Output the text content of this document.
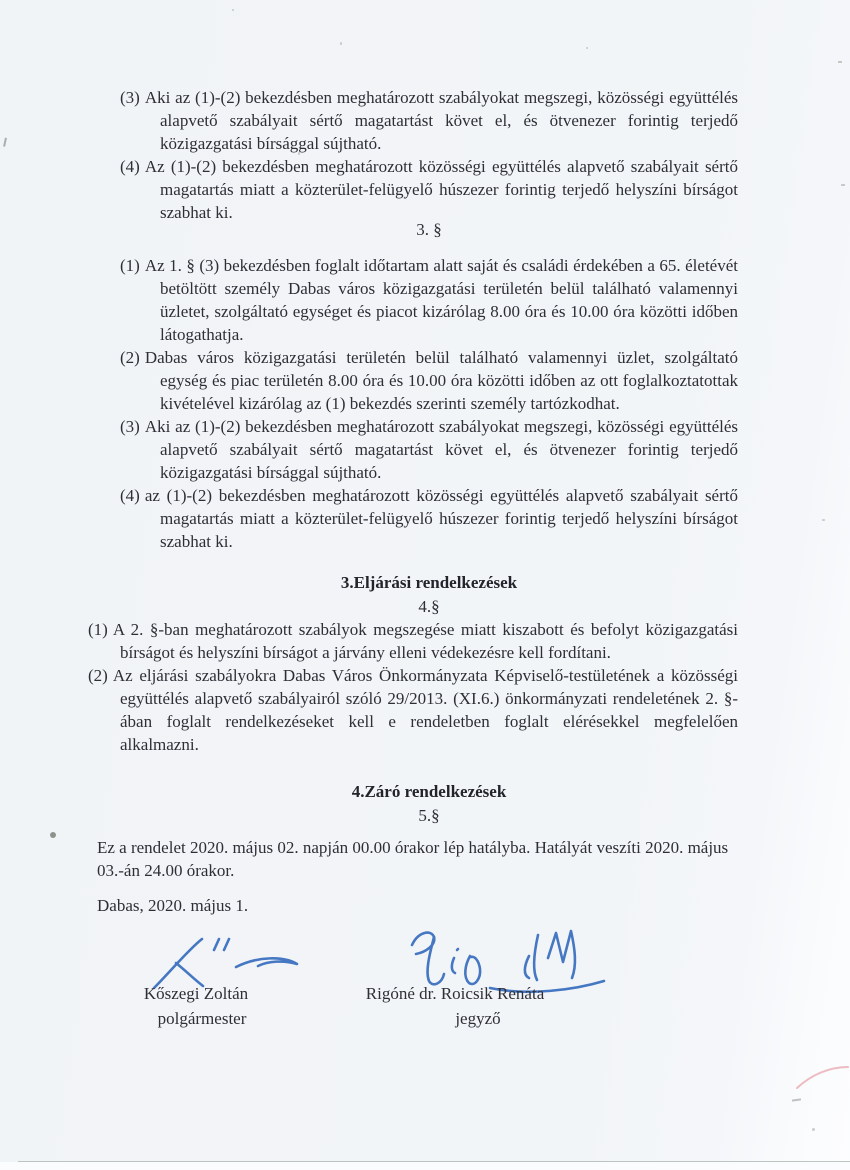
(3) Aki az (1)-(2) bekezdésben meghatározott szabályokat megszegi, közösségi együttélés alapvető szabályait sértő magatartást követ el, és ötvenezer forintig terjedő közigazgatási bírsággal sújtható.

(4) Az (1)-(2) bekezdésben meghatározott közösségi együttélés alapvető szabályait sértő magatartás miatt a közterület-felügyelő húszezer forintig terjedő helyszíni bírságot szabhat ki.

3. §

(1) Az 1. § (3) bekezdésben foglalt időtartam alatt saját és családi érdekében a 65. életévét betöltött személy Dabas város közigazgatási területén belül található valamennyi üzletet, szolgáltató egységet és piacot kizárólag 8.00 óra és 10.00 óra közötti időben látogathatja.

(2) Dabas város közigazgatási területén belül található valamennyi üzlet, szolgáltató egység és piac területén 8.00 óra és 10.00 óra közötti időben az ott foglalkoztatottak kivételével kizárólag az (1) bekezdés szerinti személy tartózkodhat.

(3) Aki az (1)-(2) bekezdésben meghatározott szabályokat megszegi, közösségi együttélés alapvető szabályait sértő magatartást követ el, és ötvenezer forintig terjedő közigazgatási bírsággal sújtható.

(4) az (1)-(2) bekezdésben meghatározott közösségi együttélés alapvető szabályait sértő magatartás miatt a közterület-felügyelő húszezer forintig terjedő helyszíni bírságot szabhat ki.

3.Eljárási rendelkezések
4.§

(1) A 2. §-ban meghatározott szabályok megszegése miatt kiszabott és befolyt közigazgatási bírságot és helyszíni bírságot a járvány elleni védekezésre kell fordítani.

(2) Az eljárási szabályokra Dabas Város Önkormányzata Képviselő-testületének a közösségi együttélés alapvető szabályairól szóló 29/2013. (XI.6.) önkormányzati rendeletének 2. §-ában foglalt rendelkezéseket kell e rendeletben foglalt elérésekkel megfelelően alkalmazni.

4.Záró rendelkezések
5.§
Ez a rendelet 2020. május 02. napján 00.00 órakor lép hatályba. Hatályát veszíti 2020. május 03.-án 24.00 órakor.
Dabas, 2020. május 1.
Kőszegi Zoltán
polgármester
Rigóné dr. Roicsik Renáta
jegyző
